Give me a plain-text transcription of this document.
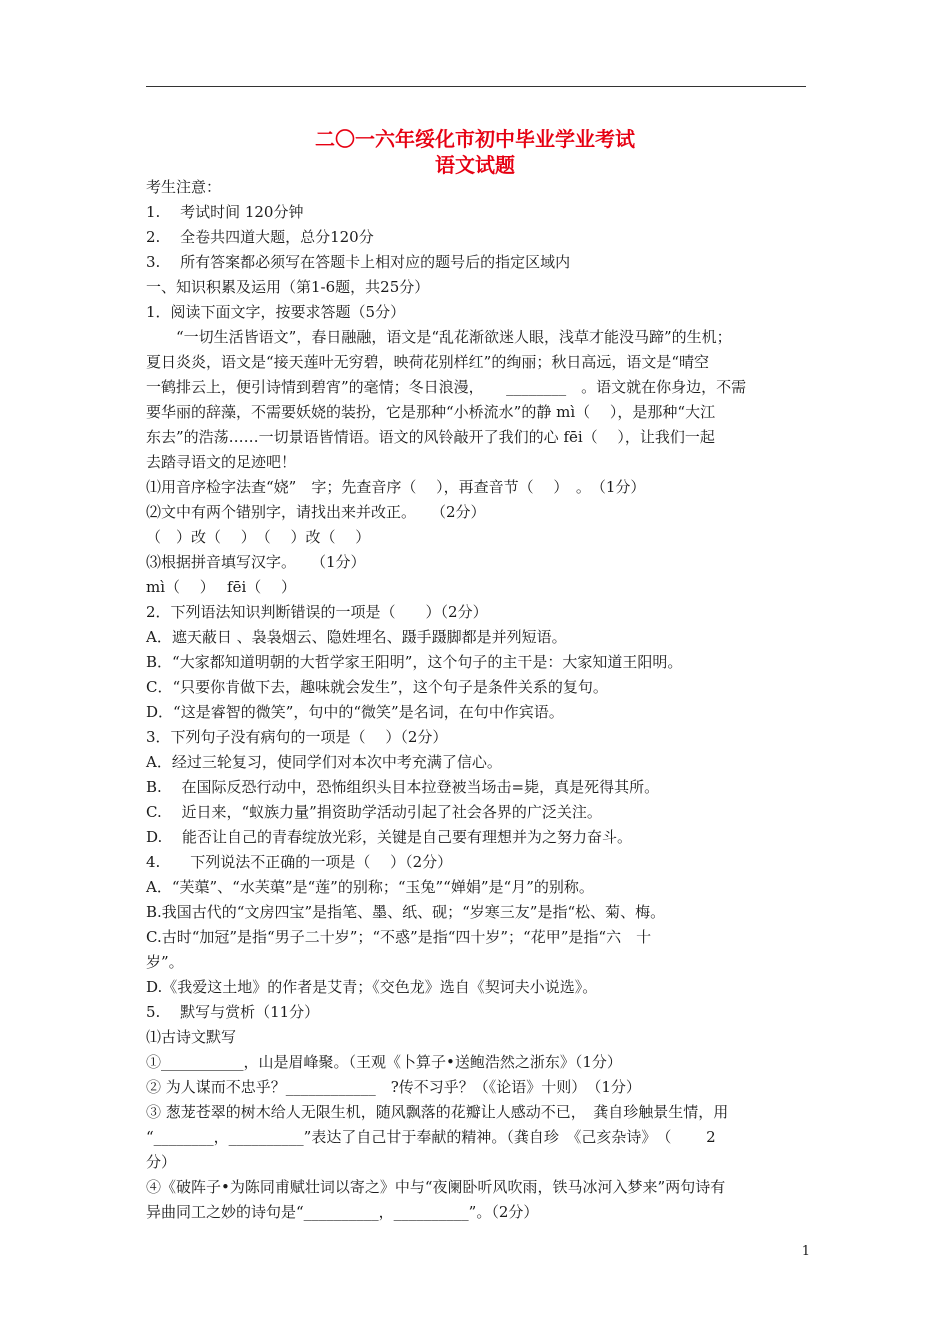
二〇一六年绥化市初中毕业学业考试
语文试题
考生注意：
1.　 考试时间 120分钟
2.　 全卷共四道大题，总分120分
3.　 所有答案都必须写在答题卡上相对应的题号后的指定区域内
一、知识积累及运用（第1-6题，共25分）
1．阅读下面文字，按要求答题（5分）
“一切生活皆语文”，春日融融，语文是“乱花渐欲迷人眼，浅草才能没马蹄”的生机；
夏日炎炎，语文是“接天莲叶无穷碧，映荷花别样红”的绚丽；秋日高远，语文是“晴空
一鹤排云上，便引诗情到碧宵”的毫情；冬日浪漫，　　________　。语文就在你身边，不需
要华丽的辞藻，不需要妖娆的装扮，它是那种“小桥流水”的静 mì（　 ），是那种“大江
东去”的浩荡……一切景语皆情语。语文的风铃敲开了我们的心 fēi（　 ），让我们一起
去踏寻语文的足迹吧！
⑴用音序检字法查“娆”　字；先查音序（　 ），再查音节（　 ）　。　（1分）
⑵文中有两个错别字，请找出来并改正。　　（2分）
（　）改（　 ）　（　 ）改（　 ）
⑶根据拼音填写汉字。　　（1分）
mì（　 ）　 fēi（　 ）
2．下列语法知识判断错误的一项是（　　）（2分）
A．遮天蔽日 、袅袅烟云、隐姓埋名、蹑手蹑脚都是并列短语。
B．“大家都知道明朝的大哲学家王阳明”，这个句子的主干是：大家知道王阳明。
C．“只要你肯做下去，趣味就会发生”，这个句子是条件关系的复句。
D．“这是睿智的微笑”，句中的“微笑”是名词，在句中作宾语。
3．下列句子没有病句的一项是（　 ）（2分）
A．经过三轮复习，使同学们对本次中考充满了信心。
B.　 在国际反恐行动中，恐怖组织头目本拉登被当场击=毙，真是死得其所。
C.　 近日来，“蚁族力量”捐资助学活动引起了社会各界的广泛关注。
D.　 能否让自己的青春绽放光彩，关键是自己要有理想并为之努力奋斗。
4.　　下列说法不正确的一项是（　 ）（2分）
A．“芙蕖”、“水芙蕖”是“莲”的别称；“玉兔”“婵娟”是“月”的别称。
B.我国古代的“文房四宝”是指笔、墨、纸、砚；“岁寒三友”是指“松、菊、梅。
C.古时“加冠”是指“男子二十岁”；“不惑”是指“四十岁”；“花甲”是指“六　十
岁”。
D.《我爱这土地》的作者是艾青；《交色龙》选自《契诃夫小说选》。
5.　 默写与赏析（11分）
⑴古诗文默写
①___________，山是眉峰聚。（王观《卜算子•送鲍浩然之浙东》（1分）
② 为人谋而不忠乎？____________　?传不习乎？（《论语》十则）　（1分）
③ 葱茏苍翠的树木给人无限生机，随风飘落的花瓣让人感动不已，　龚自珍触景生情，用
“________，__________”表达了自己甘于奉献的精神。（龚自珍　《己亥杂诗》　（　　 2
分）
④《破阵子•为陈同甫赋壮词以寄之》中与“夜阑卧听风吹雨，铁马冰河入梦来”两句诗有
异曲同工之妙的诗句是“__________，__________”。（2分）
1
